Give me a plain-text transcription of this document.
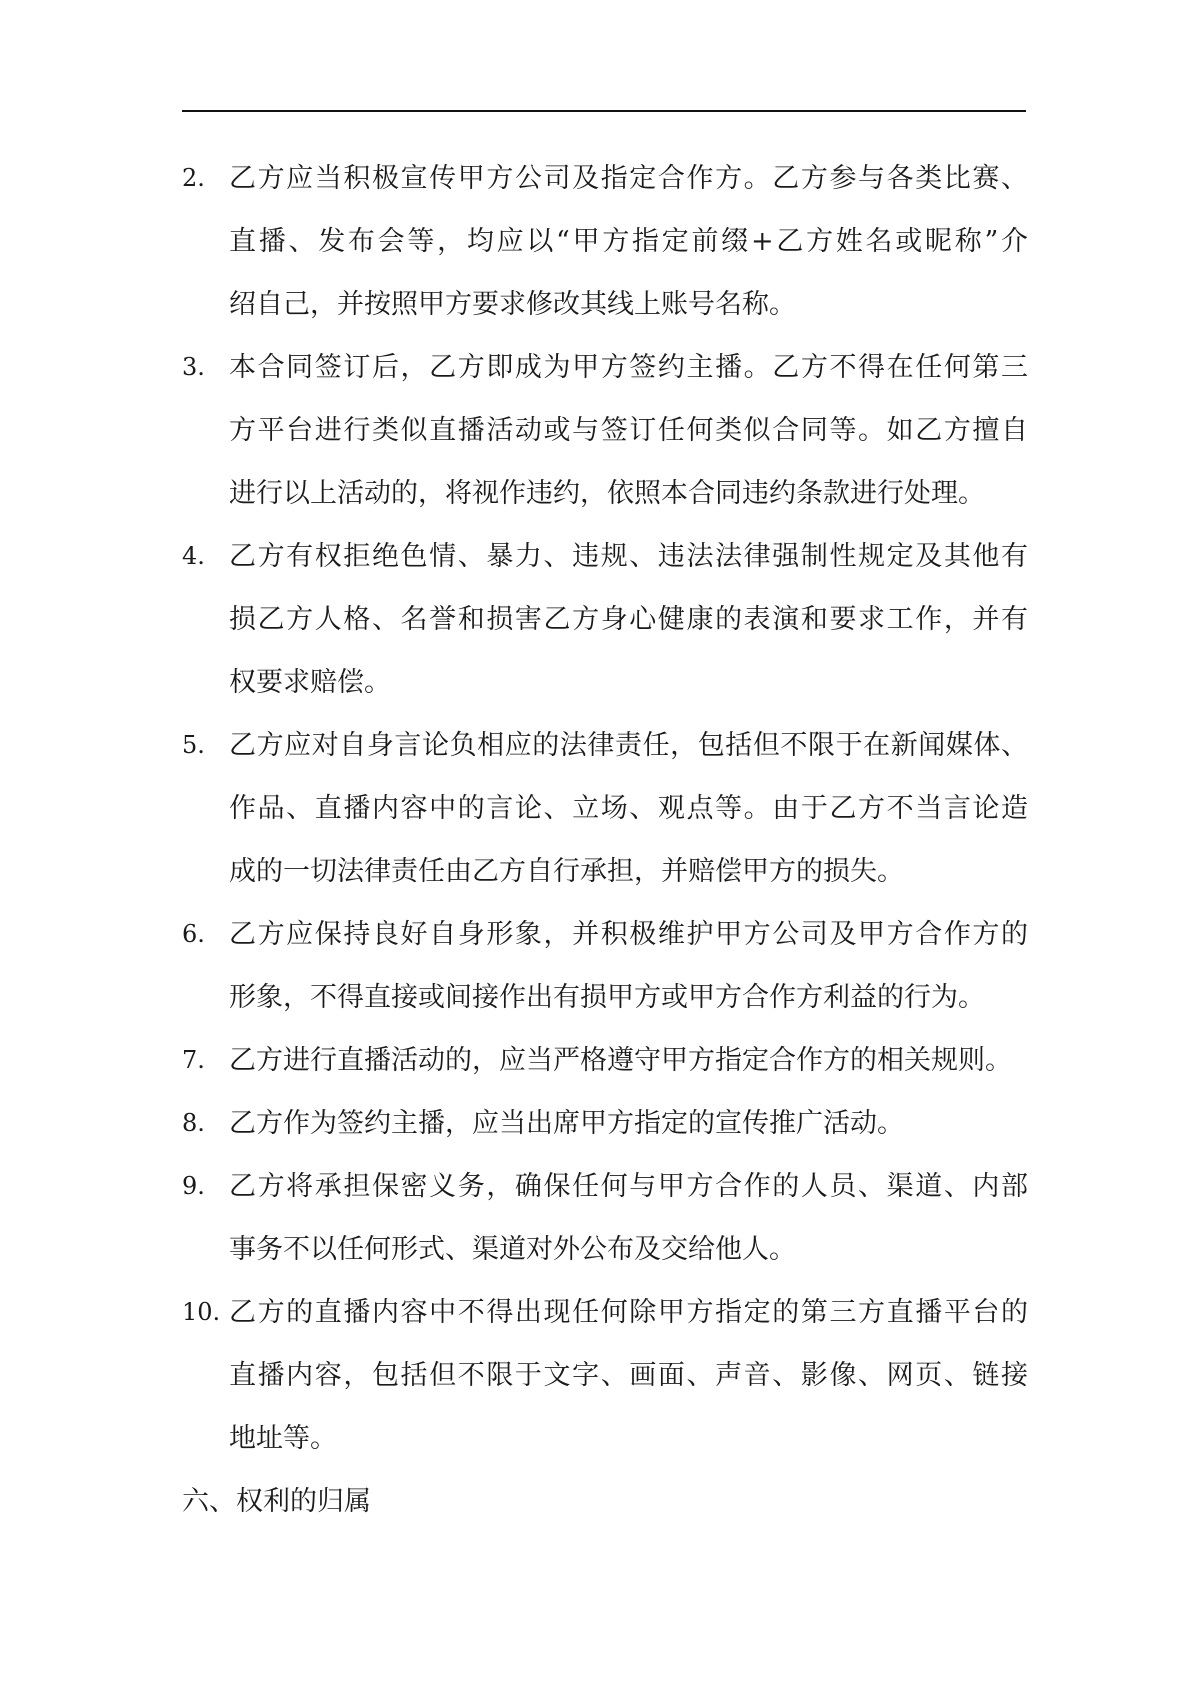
2. 乙方应当积极宣传甲方公司及指定合作方。乙方参与各类比赛、
直播、发布会等，均应以“甲方指定前缀+乙方姓名或昵称”介
绍自己，并按照甲方要求修改其线上账号名称。
3. 本合同签订后，乙方即成为甲方签约主播。乙方不得在任何第三
方平台进行类似直播活动或与签订任何类似合同等。如乙方擅自
进行以上活动的，将视作违约，依照本合同违约条款进行处理。
4. 乙方有权拒绝色情、暴力、违规、违法法律强制性规定及其他有
损乙方人格、名誉和损害乙方身心健康的表演和要求工作，并有
权要求赔偿。
5. 乙方应对自身言论负相应的法律责任，包括但不限于在新闻媒体、
作品、直播内容中的言论、立场、观点等。由于乙方不当言论造
成的一切法律责任由乙方自行承担，并赔偿甲方的损失。
6. 乙方应保持良好自身形象，并积极维护甲方公司及甲方合作方的
形象，不得直接或间接作出有损甲方或甲方合作方利益的行为。
7. 乙方进行直播活动的，应当严格遵守甲方指定合作方的相关规则。
8. 乙方作为签约主播，应当出席甲方指定的宣传推广活动。
9. 乙方将承担保密义务，确保任何与甲方合作的人员、渠道、内部
事务不以任何形式、渠道对外公布及交给他人。
10. 乙方的直播内容中不得出现任何除甲方指定的第三方直播平台的
直播内容，包括但不限于文字、画面、声音、影像、网页、链接
地址等。
六、权利的归属
